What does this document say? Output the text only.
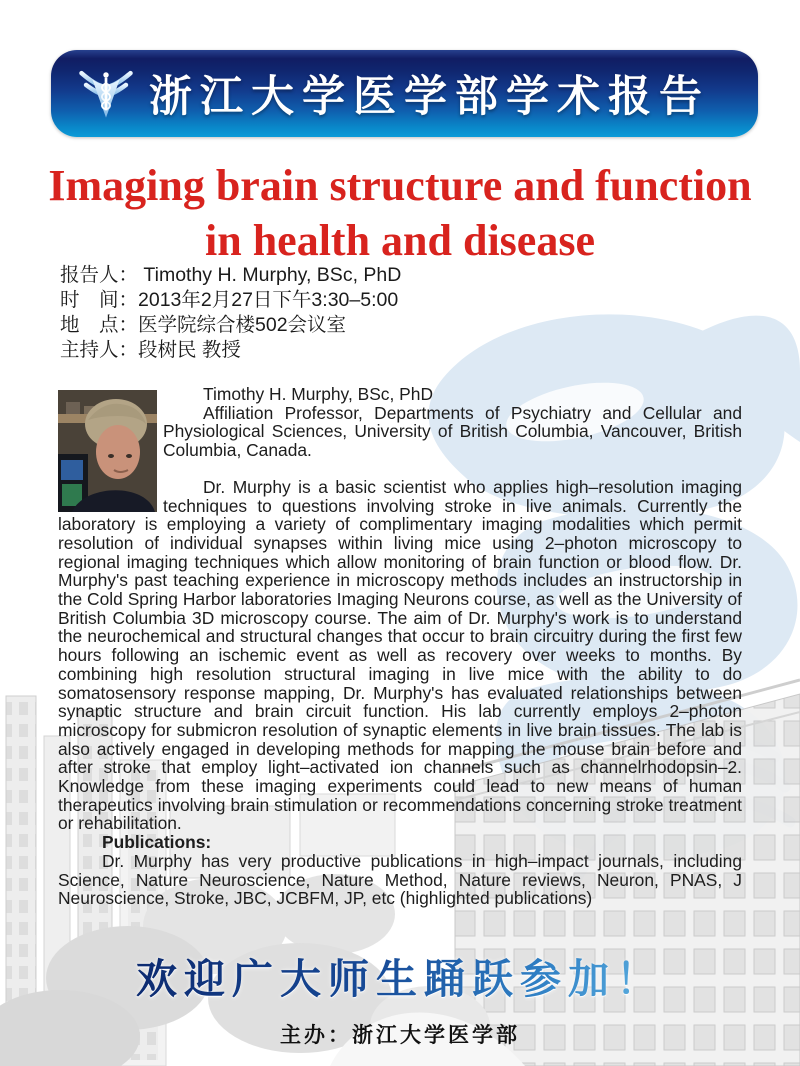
浙江大学医学部学术报告
Imaging brain structure and function
in health and disease
报告人： Timothy H. Murphy, BSc, PhD
时　间：2013年2月27日下午3:30–5:00
地　点：医学院综合楼502会议室
主持人：段树民 教授

Timothy H. Murphy, BSc, PhD

Affiliation Professor, Departments of Psychiatry and Cellular and Physiological Sciences, University of British Columbia, Vancouver, British Columbia, Canada.

Dr. Murphy is a basic scientist who applies high–resolution imaging techniques to questions involving stroke in live animals. Currently the laboratory is employing a variety of complimentary imaging modalities which permit resolution of individual synapses within living mice using 2–photon microscopy to regional imaging techniques which allow monitoring of brain function or blood flow. Dr. Murphy's past teaching experience in microscopy methods includes an instructorship in the Cold Spring Harbor laboratories Imaging Neurons course, as well as the University of British Columbia 3D microscopy course. The aim of Dr. Murphy's work is to understand the neurochemical and structural changes that occur to brain circuitry during the first few hours following an ischemic event as well as recovery over weeks to months. By combining high resolution structural imaging in live mice with the ability to do somatosensory response mapping, Dr. Murphy's has evaluated relationships between synaptic structure and brain circuit function. His lab currently employs 2–photon microscopy for submicron resolution of synaptic elements in live brain tissues. The lab is also actively engaged in developing methods for mapping the mouse brain before and after stroke that employ light–activated ion channels such as channelrhodopsin–2. Knowledge from these imaging experiments could lead to new means of human therapeutics involving brain stimulation or recommendations concerning stroke treatment or rehabilitation.

Publications:

Dr. Murphy has very productive publications in high–impact journals, including Science, Nature Neuroscience, Nature Method, Nature reviews, Neuron, PNAS, J Neuroscience, Stroke, JBC, JCBFM, JP, etc (highlighted publications)

欢迎广大师生踊跃参加！
主办：浙江大学医学部
